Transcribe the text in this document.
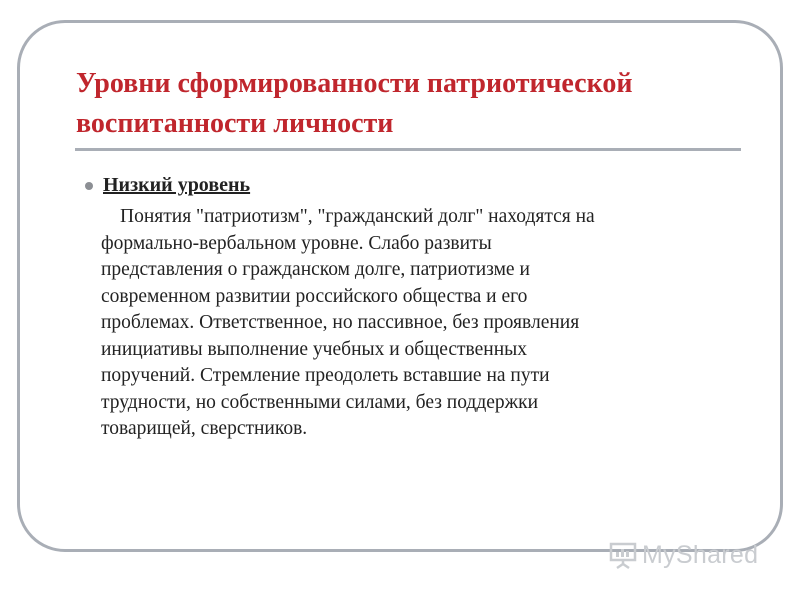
Уровни сформированности патриотической
воспитанности личности

Низкий уровень

Понятия "патриотизм", "гражданский долг" находятся на
формально-вербальном уровне. Слабо развиты
представления о гражданском долге, патриотизме и
современном развитии российского общества и его
проблемах. Ответственное, но пассивное, без проявления
инициативы выполнение учебных и общественных
поручений. Стремление преодолеть вставшие на пути
трудности, но собственными силами, без поддержки
товарищей, сверстников.

MyShared
